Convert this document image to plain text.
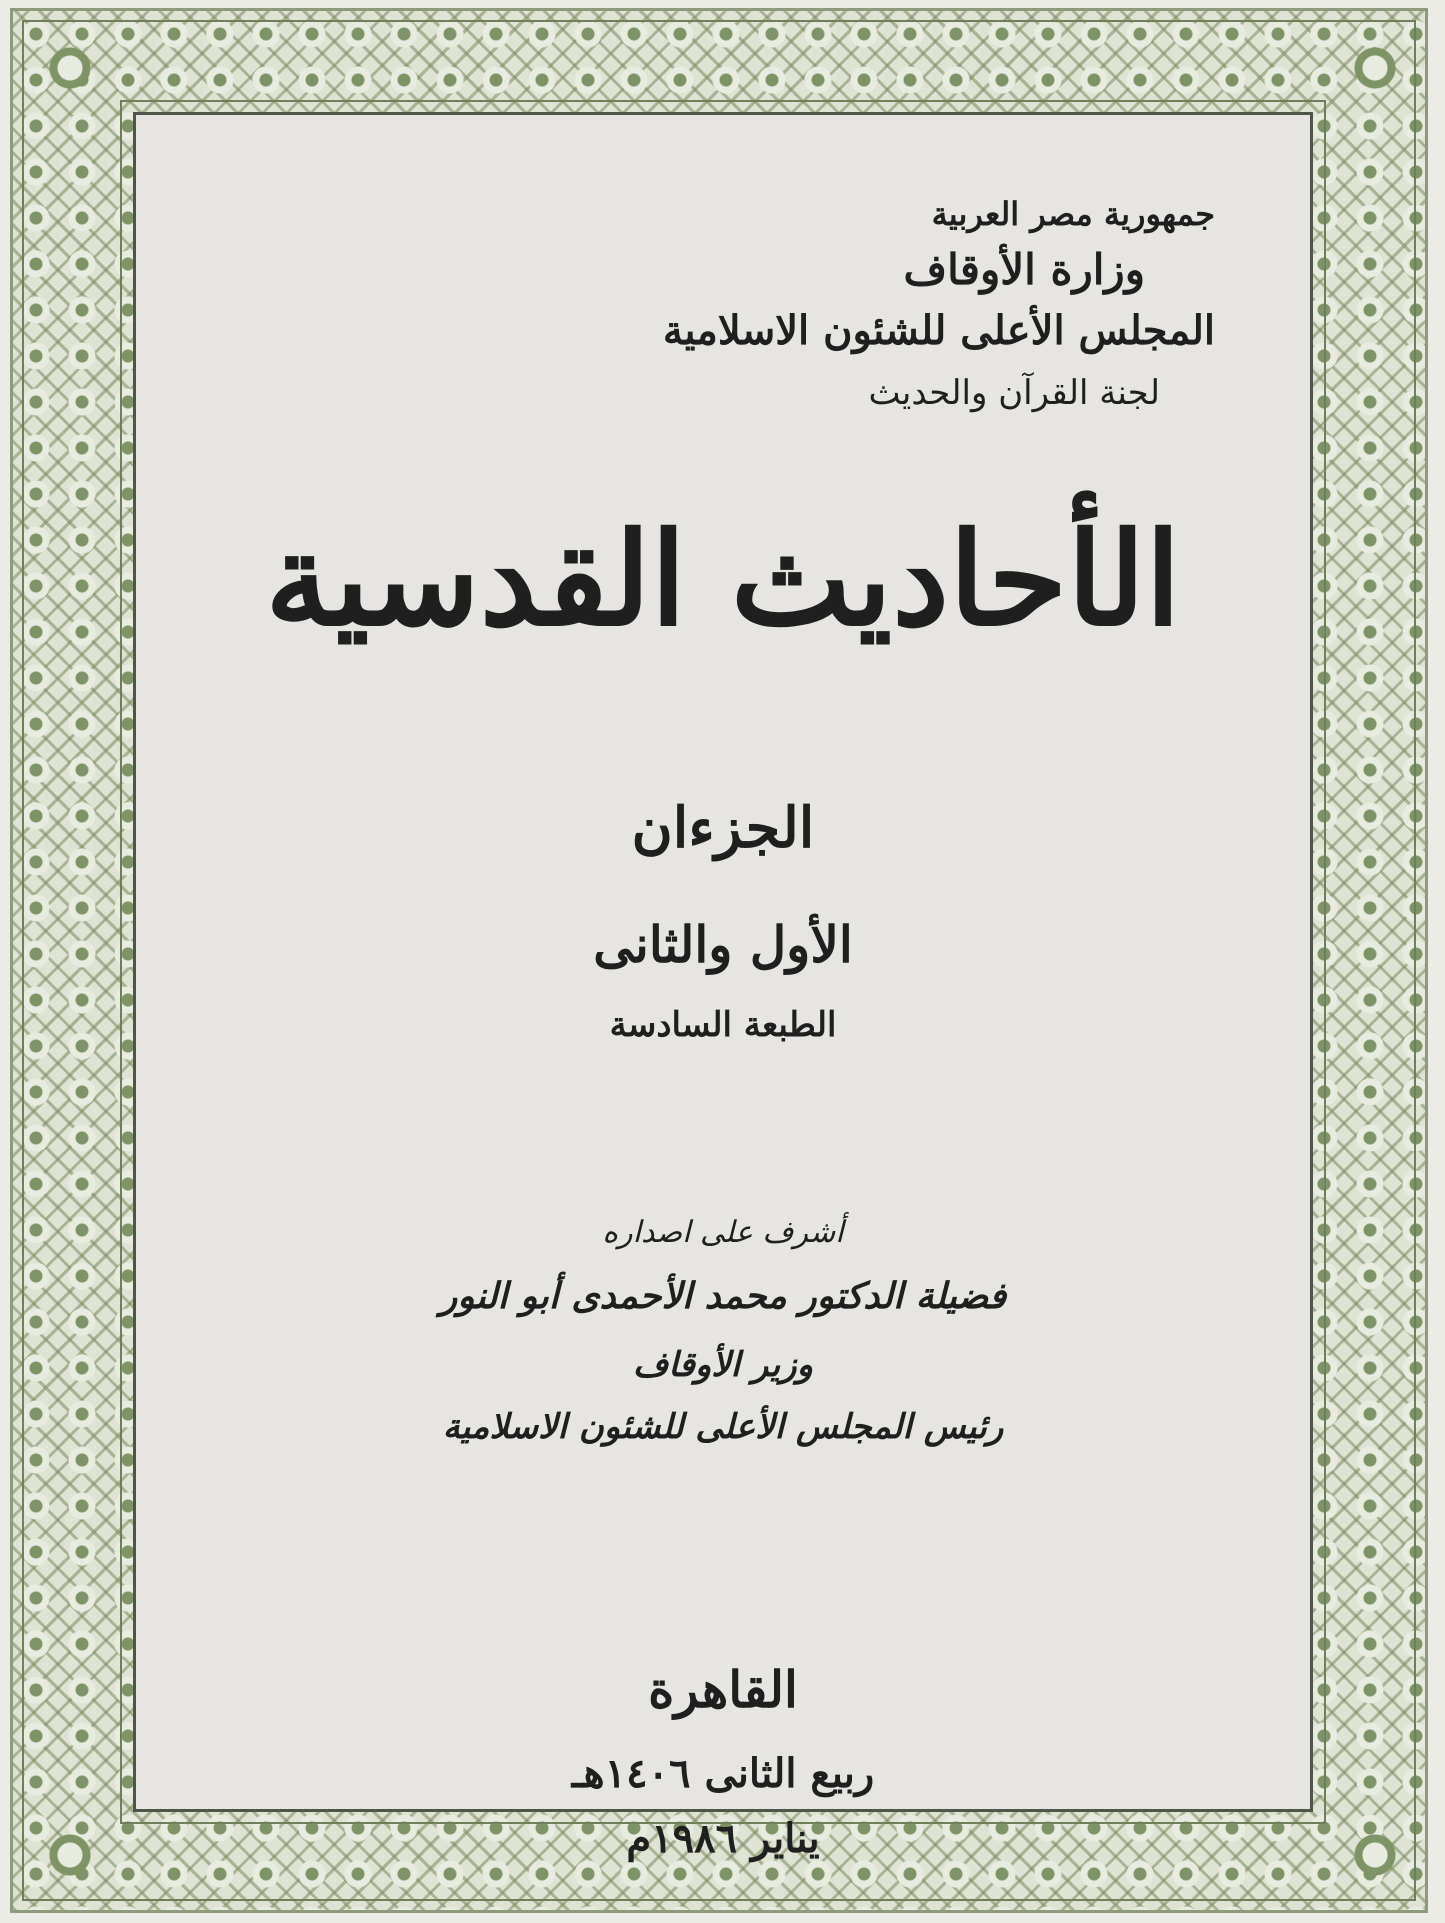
جمهورية مصر العربية
وزارة الأوقاف
المجلس الأعلى للشئون الاسلامية
لجنة القرآن والحديث
الأحاديث القدسية
الجزءان
الأول والثانى
الطبعة السادسة
أشرف على اصداره
فضيلة الدكتور محمد الأحمدى أبو النور
وزير الأوقاف
رئيس المجلس الأعلى للشئون الاسلامية
القاهرة
ربيع الثانى ١٤٠٦هـ
يناير ١٩٨٦م
